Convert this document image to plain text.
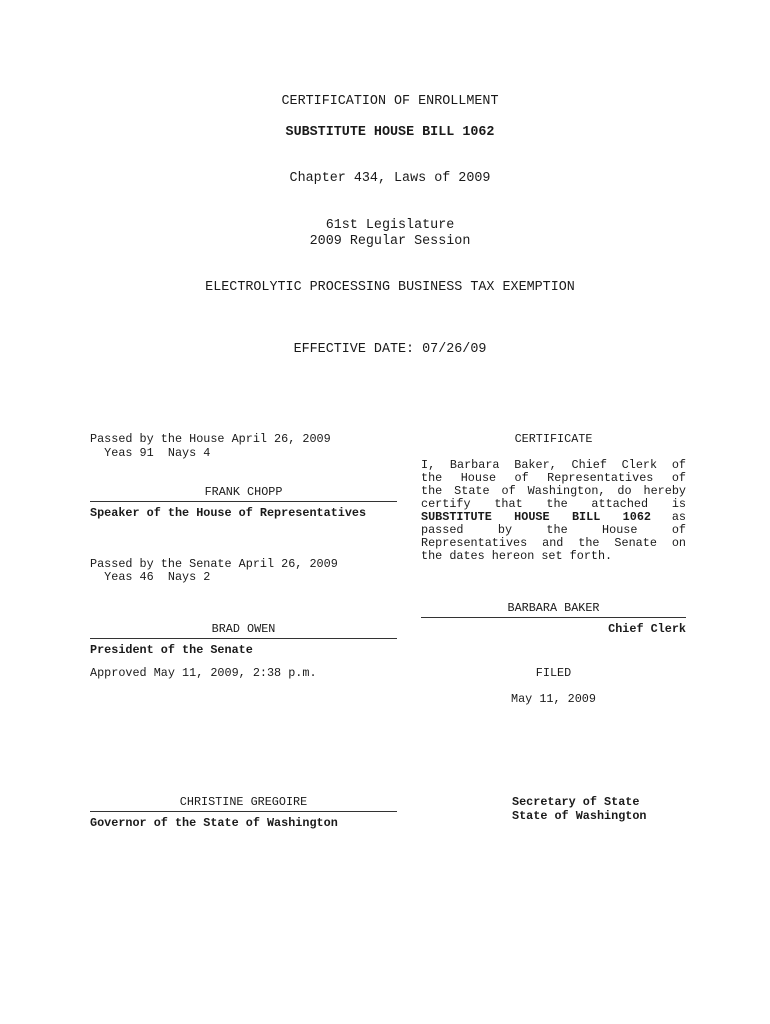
CERTIFICATION OF ENROLLMENT
SUBSTITUTE HOUSE BILL 1062
Chapter 434, Laws of 2009
61st Legislature
2009 Regular Session
ELECTROLYTIC PROCESSING BUSINESS TAX EXEMPTION
EFFECTIVE DATE: 07/26/09
Passed by the House April 26, 2009
Yeas 91  Nays 4
FRANK CHOPP
Speaker of the House of Representatives
Passed by the Senate April 26, 2009
Yeas 46  Nays 2
BRAD OWEN
President of the Senate
Approved May 11, 2009, 2:38 p.m.
CHRISTINE GREGOIRE
Governor of the State of Washington
CERTIFICATE
I, Barbara Baker, Chief Clerk of
the House of Representatives of
the State of Washington, do hereby
certify that the attached is
SUBSTITUTE HOUSE BILL 1062 as
passed by the House of
Representatives and the Senate on
the dates hereon set forth.
BARBARA BAKER
Chief Clerk
FILED
May 11, 2009
Secretary of State
State of Washington
